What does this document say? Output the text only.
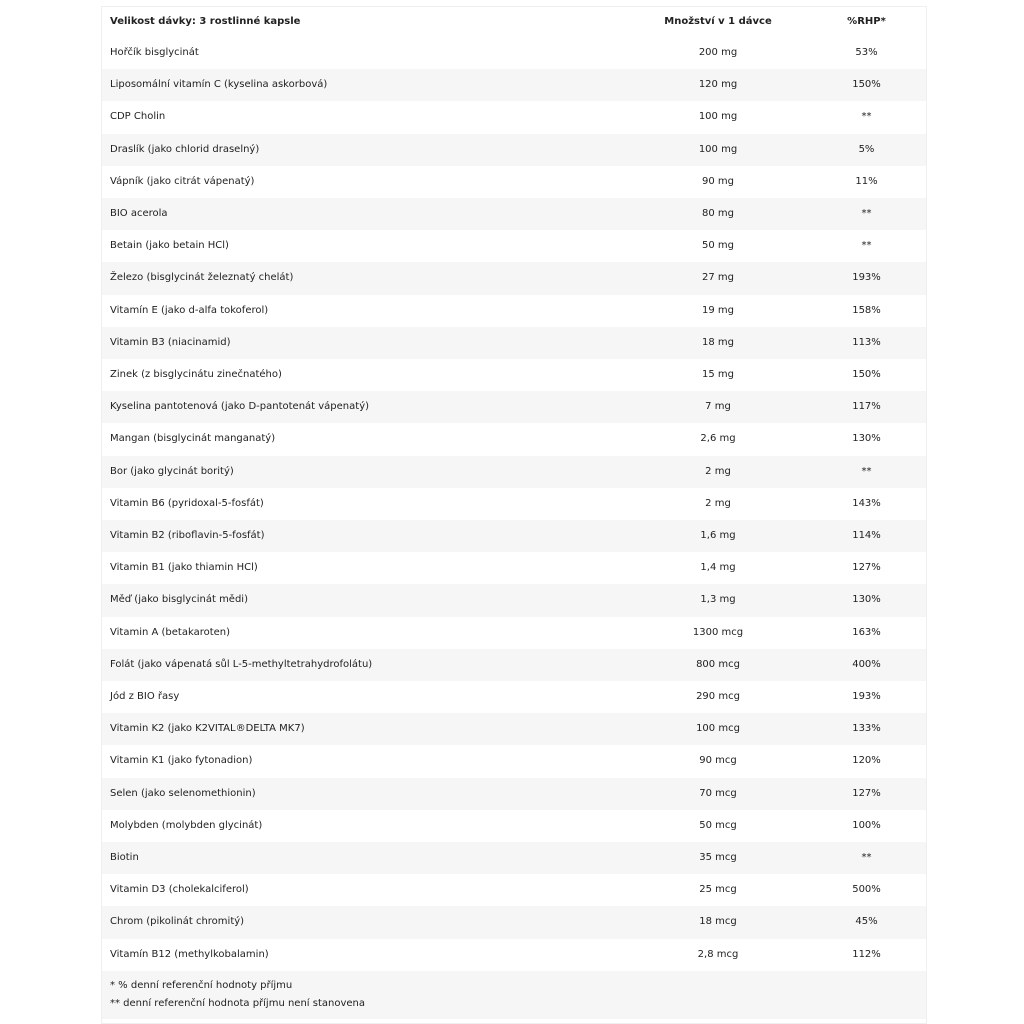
Velikost dávky: 3 rostlinné kapsle	Množství v 1 dávce	%RHP*
Hořčík bisglycinát	200 mg	53%
Liposomální vitamín C (kyselina askorbová)	120 mg	150%
CDP Cholin	100 mg	**
Draslík (jako chlorid draselný)	100 mg	5%
Vápník (jako citrát vápenatý)	90 mg	11%
BIO acerola	80 mg	**
Betain (jako betain HCl)	50 mg	**
Železo (bisglycinát železnatý chelát)	27 mg	193%
Vitamín E (jako d-alfa tokoferol)	19 mg	158%
Vitamin B3 (niacinamid)	18 mg	113%
Zinek (z bisglycinátu zinečnatého)	15 mg	150%
Kyselina pantotenová (jako D-pantotenát vápenatý)	7 mg	117%
Mangan (bisglycinát manganatý)	2,6 mg	130%
Bor (jako glycinát boritý)	2 mg	**
Vitamin B6 (pyridoxal-5-fosfát)	2 mg	143%
Vitamin B2 (riboflavin-5-fosfát)	1,6 mg	114%
Vitamin B1 (jako thiamin HCl)	1,4 mg	127%
Měď (jako bisglycinát mědi)	1,3 mg	130%
Vitamin A (betakaroten)	1300 mcg	163%
Folát (jako vápenatá sůl L-5-methyltetrahydrofolátu)	800 mcg	400%
Jód z BIO řasy	290 mcg	193%
Vitamin K2 (jako K2VITAL®DELTA MK7)	100 mcg	133%
Vitamin K1 (jako fytonadion)	90 mcg	120%
Selen (jako selenomethionin)	70 mcg	127%
Molybden (molybden glycinát)	50 mcg	100%
Biotin	35 mcg	**
Vitamin D3 (cholekalciferol)	25 mcg	500%
Chrom (pikolinát chromitý)	18 mcg	45%
Vitamín B12 (methylkobalamin)	2,8 mcg	112%

* % denní referenční hodnoty příjmu
** denní referenční hodnota příjmu není stanovena		
